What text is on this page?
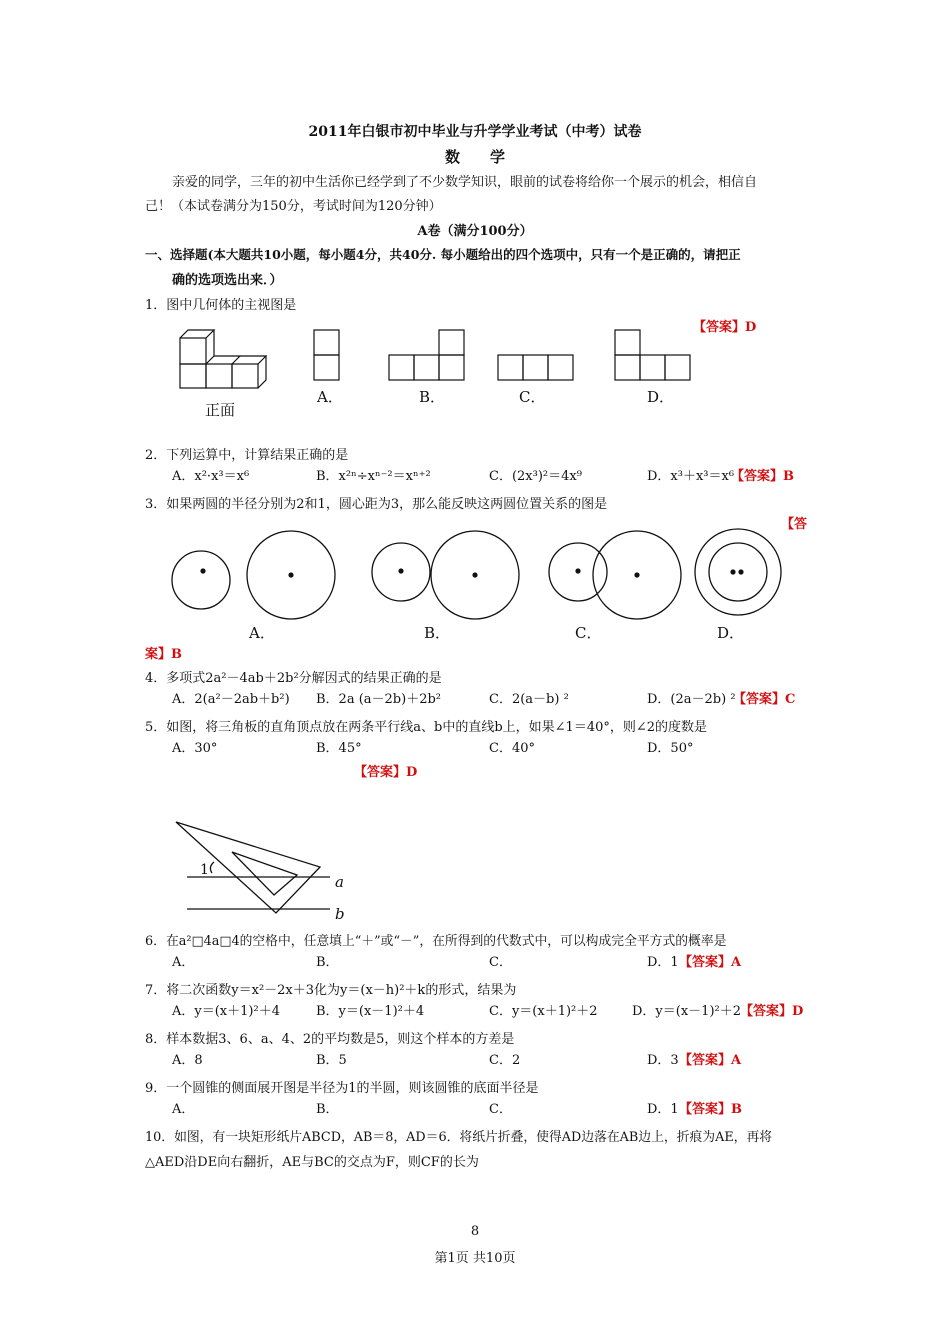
2011年白银市初中毕业与升学学业考试（中考）试卷
数　　学
亲爱的同学，三年的初中生活你已经学到了不少数学知识，眼前的试卷将给你一个展示的机会，相信自
己！（本试卷满分为150分，考试时间为120分钟）
A卷（满分100分）
一、选择题(本大题共10小题，每小题4分，共40分. 每小题给出的四个选项中，只有一个是正确的，请把正
确的选项选出来．）
1．图中几何体的主视图是
【答案】D
正面
A．	B．	C．	D．
2．下列运算中，计算结果正确的是
A．x²·x³＝x⁶	B．x²ⁿ÷xⁿ⁻²＝xⁿ⁺²	C．(2x³)²＝4x⁹	D．x³＋x³＝x⁶
【答案】B
3．如果两圆的半径分别为2和1，圆心距为3，那么能反映这两圆位置关系的图是
【答
A．	B．	C．	D．
案】B
4．多项式2a²－4ab＋2b²分解因式的结果正确的是
A．2(a²－2ab＋b²) B．2a (a－2b)＋2b²	C．2(a－b) ²	D．(2a－2b) ²
【答案】C
5．如图，将三角板的直角顶点放在两条平行线a、b中的直线b上，如果∠1＝40°，则∠2的度数是
A．30°	B．45°	C．40°	D．50°
【答案】D
1
a
b
6．在a²□4a□4的空格中，任意填上“＋”或“－”，在所得到的代数式中，可以构成完全平方式的概率是
A．	B．	C．	D．1 【答案】A
7．将二次函数y＝x²－2x＋3化为y＝(x－h)²＋k的形式，结果为
A．y＝(x＋1)²＋4	B．y＝(x－1)²＋4	C．y＝(x＋1)²＋2	D．y＝(x－1)²＋2 【答案】D
8．样本数据3、6、a、4、2的平均数是5，则这个样本的方差是
A．8	B．5	C．2	D．3 【答案】A
9．一个圆锥的侧面展开图是半径为1的半圆，则该圆锥的底面半径是
A．	B．	C．	D．1 【答案】B
10．如图，有一块矩形纸片ABCD，AB＝8，AD＝6．将纸片折叠，使得AD边落在AB边上，折痕为AE，再将
△AED沿DE向右翻折，AE与BC的交点为F，则CF的长为
8
第1页 共10页
